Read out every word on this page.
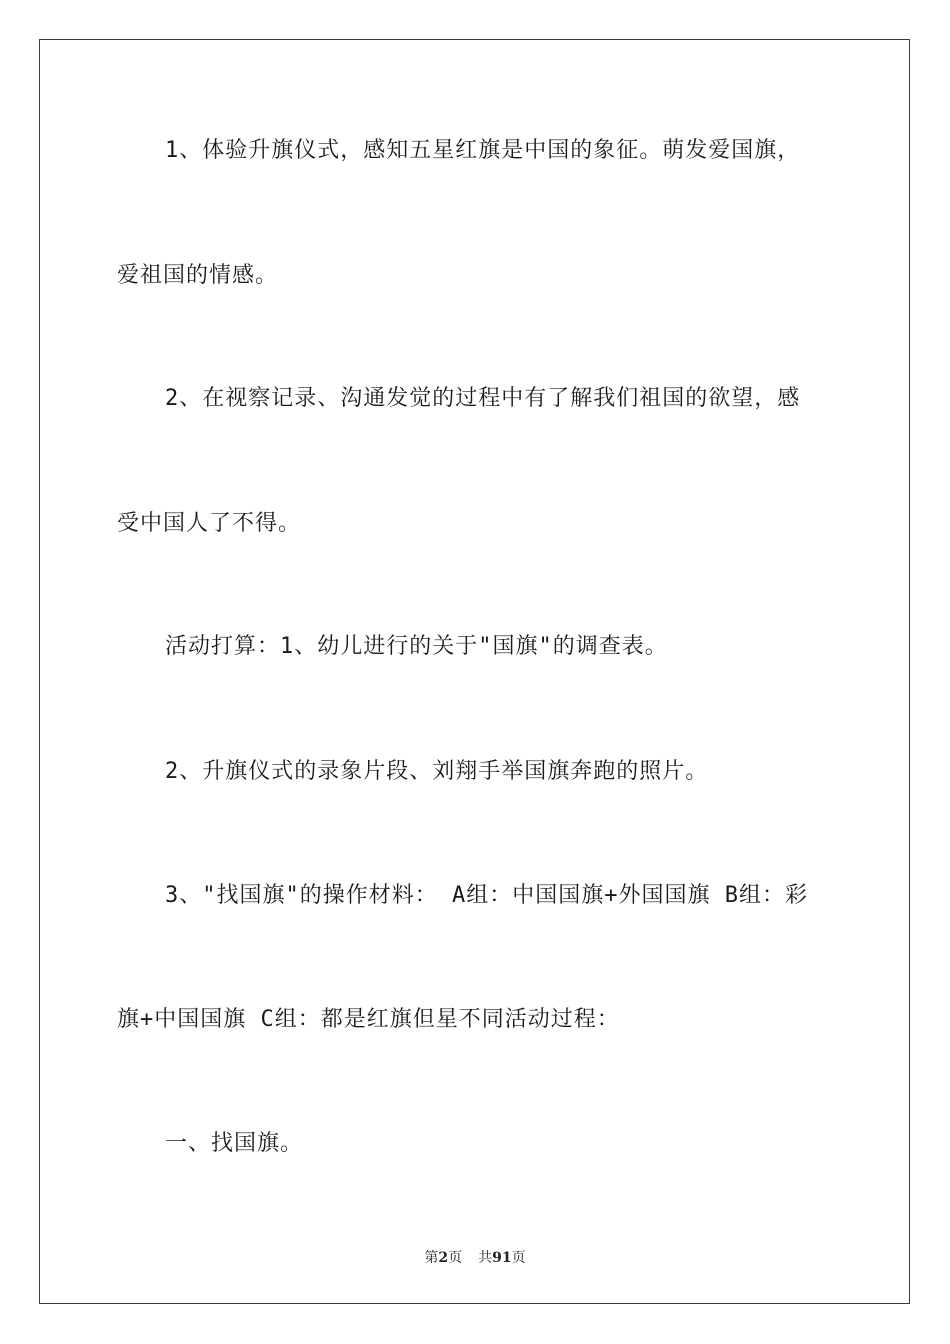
1、体验升旗仪式，感知五星红旗是中国的象征。萌发爱国旗，
爱祖国的情感。
2、在视察记录、沟通发觉的过程中有了解我们祖国的欲望，感
受中国人了不得。
活动打算：1、幼儿进行的关于"国旗"的调查表。
2、升旗仪式的录象片段、刘翔手举国旗奔跑的照片。
3、"找国旗"的操作材料： A组：中国国旗+外国国旗 B组：彩
旗+中国国旗 C组：都是红旗但星不同活动过程：
一、找国旗。
第2页 共91页
